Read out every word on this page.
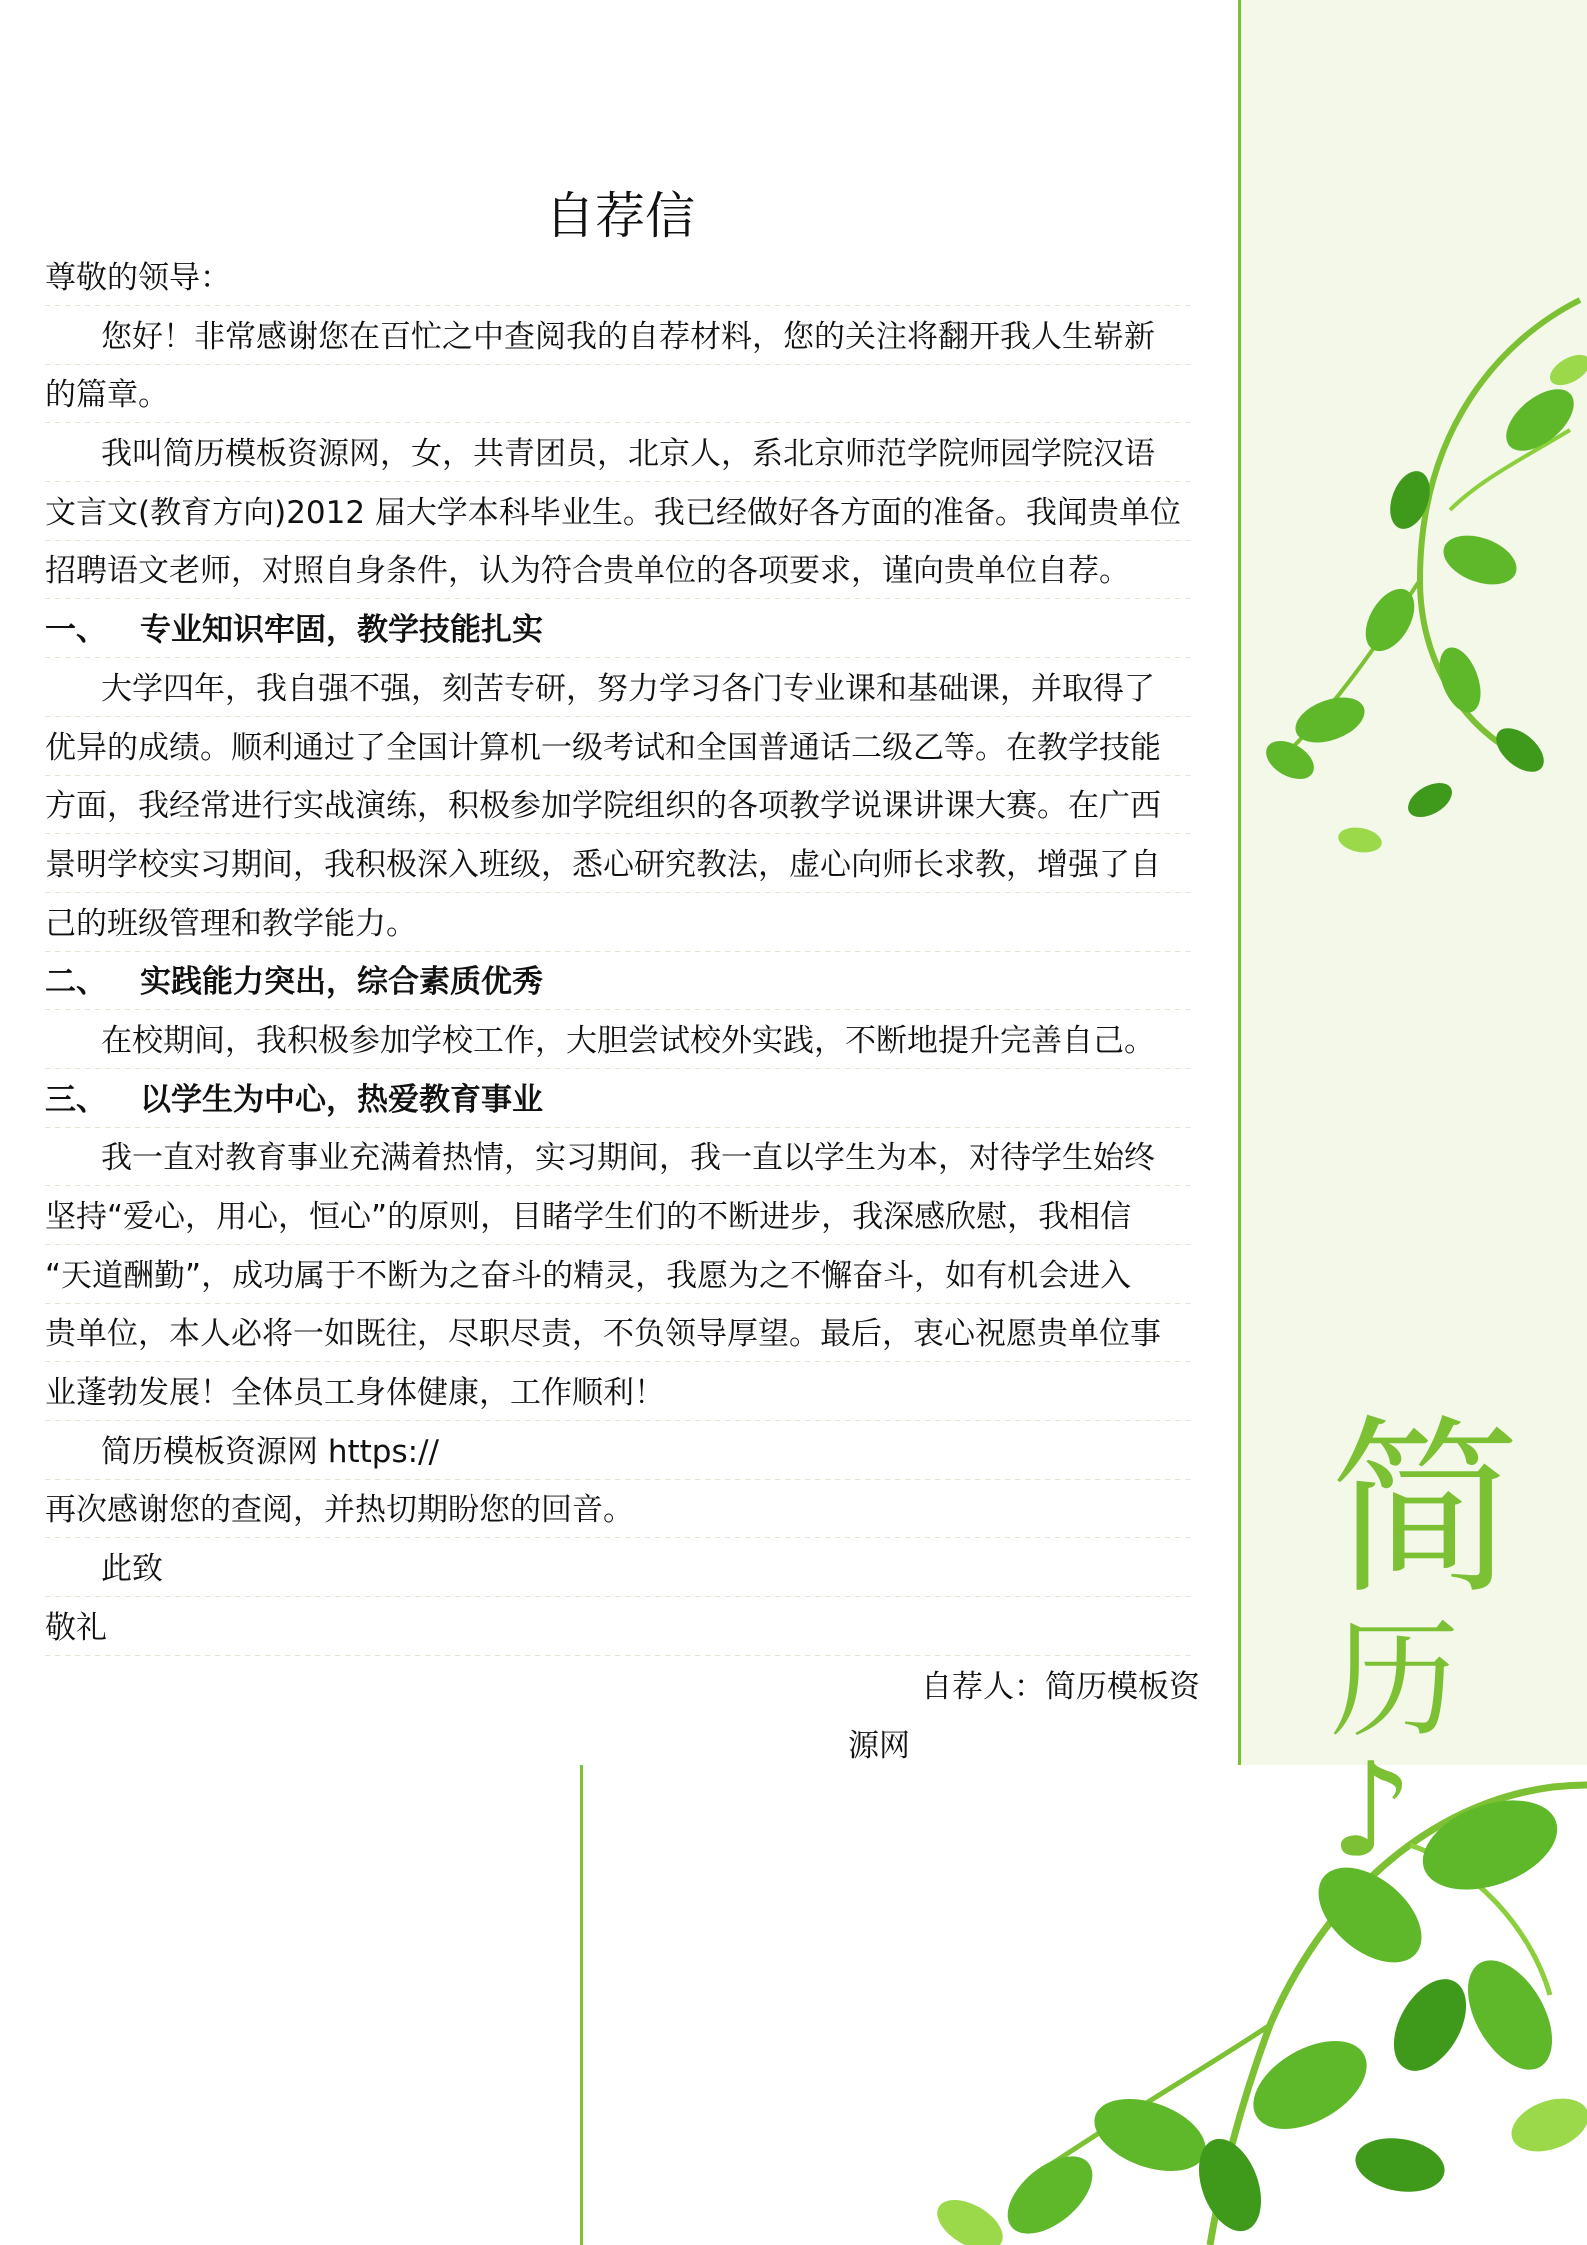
简
历♪
自荐信
尊敬的领导：
您好！非常感谢您在百忙之中查阅我的自荐材料，您的关注将翻开我人生崭新
的篇章。
我叫简历模板资源网，女，共青团员，北京人，系北京师范学院师园学院汉语
文言文(教育方向)2012 届大学本科毕业生。我已经做好各方面的准备。我闻贵单位
招聘语文老师，对照自身条件，认为符合贵单位的各项要求，谨向贵单位自荐。
一、 专业知识牢固，教学技能扎实
大学四年，我自强不强，刻苦专研，努力学习各门专业课和基础课，并取得了
优异的成绩。顺利通过了全国计算机一级考试和全国普通话二级乙等。在教学技能
方面，我经常进行实战演练，积极参加学院组织的各项教学说课讲课大赛。在广西
景明学校实习期间，我积极深入班级，悉心研究教法，虚心向师长求教，增强了自
己的班级管理和教学能力。
二、 实践能力突出，综合素质优秀
在校期间，我积极参加学校工作，大胆尝试校外实践，不断地提升完善自己。
三、 以学生为中心，热爱教育事业
我一直对教育事业充满着热情，实习期间，我一直以学生为本，对待学生始终
坚持“爱心，用心，恒心”的原则，目睹学生们的不断进步，我深感欣慰，我相信
“天道酬勤”，成功属于不断为之奋斗的精灵，我愿为之不懈奋斗，如有机会进入
贵单位，本人必将一如既往，尽职尽责，不负领导厚望。最后，衷心祝愿贵单位事
业蓬勃发展！全体员工身体健康，工作顺利！
简历模板资源网 https://
再次感谢您的查阅，并热切期盼您的回音。
此致
敬礼
自荐人：简历模板资
源网
